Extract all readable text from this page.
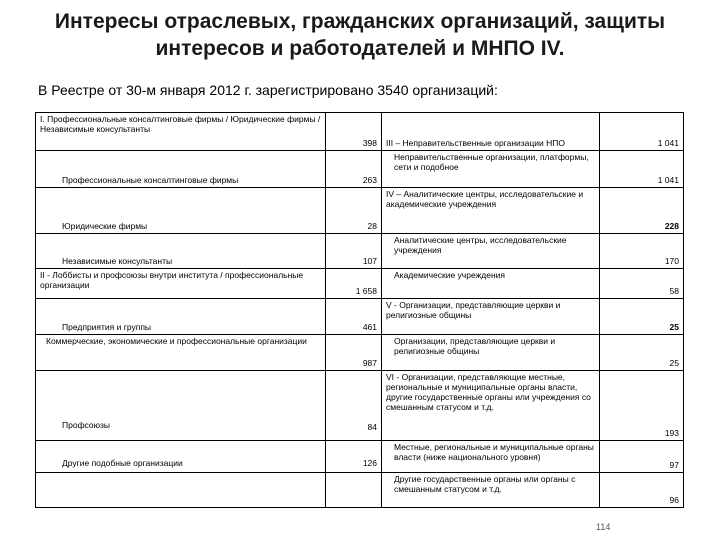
Интересы отраслевых, гражданских организаций, защиты
интересов и работодателей и МНПО IV.
В Реестре от 30-м января 2012 г. зарегистрировано 3540 организаций:
I. Профессиональные консалтинговые фирмы / Юридические фирмы / Независимые консультанты	398	III – Неправительственные организации НПО	1 041

Профессиональные консалтинговые фирмы	263	Неправительственные организации, платформы, сети и подобное	1 041

Юридические фирмы	28	IV – Аналитические центры, исследовательские и академические учреждения	228

Независимые консультанты	107	Аналитические центры, исследовательские учреждения	170

II - Лоббисты и профсоюзы внутри института / профессиональные организации	1 658	Академические учреждения	58

Предприятия и группы	461	V - Организации, представляющие церкви и религиозные общины	25

Коммерческие, экономические и профессиональные организации	987	Организации, представляющие церкви и религиозные общины	25

Профсоюзы	84	VI - Организации, представляющие местные, региональные и муниципальные органы власти, другие государственные органы или учреждения со смешанным статусом и т.д.	193

Другие подобные организации	126	Местные, региональные и муниципальные органы власти (ниже национального уровня)	97

		Другие государственные органы или органы с смешанным статусом и т.д.	96
114
